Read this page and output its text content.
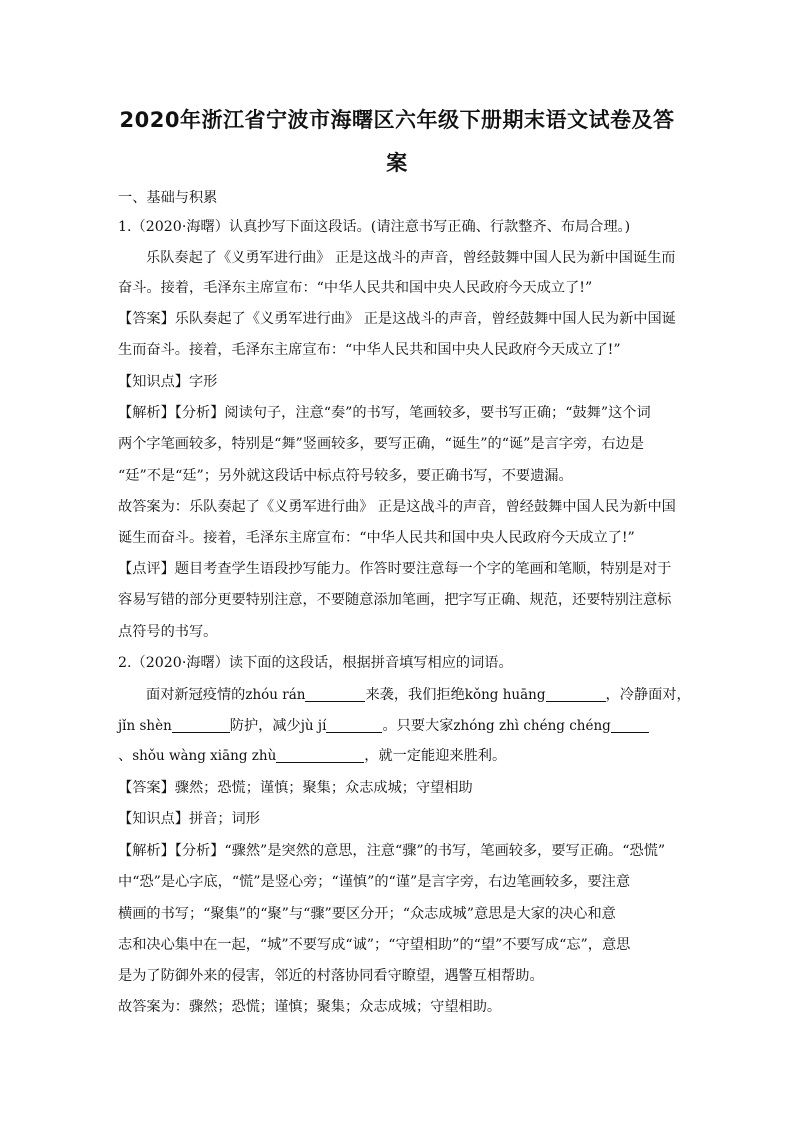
2020年浙江省宁波市海曙区六年级下册期末语文试卷及答
案
一、基础与积累
1.（2020·海曙）认真抄写下面这段话。(请注意书写正确、行款整齐、布局合理。)
乐队奏起了《义勇军进行曲》 正是这战斗的声音，曾经鼓舞中国人民为新中国诞生而
奋斗。接着，毛泽东主席宣布：“中华人民共和国中央人民政府今天成立了!”
【答案】乐队奏起了《义勇军进行曲》 正是这战斗的声音，曾经鼓舞中国人民为新中国诞
生而奋斗。接着，毛泽东主席宣布：“中华人民共和国中央人民政府今天成立了!”
【知识点】字形
【解析】【分析】阅读句子，注意“奏”的书写，笔画较多，要书写正确；“鼓舞”这个词
两个字笔画较多，特别是“舞”竖画较多，要写正确，“诞生”的“诞”是言字旁，右边是
“廷”不是“廷”；另外就这段话中标点符号较多，要正确书写，不要遗漏。
故答案为：乐队奏起了《义勇军进行曲》 正是这战斗的声音，曾经鼓舞中国人民为新中国
诞生而奋斗。接着，毛泽东主席宣布：“中华人民共和国中央人民政府今天成立了!”
【点评】题目考查学生语段抄写能力。作答时要注意每一个字的笔画和笔顺，特别是对于
容易写错的部分更要特别注意，不要随意添加笔画，把字写正确、规范，还要特别注意标
点符号的书写。
2.（2020·海曙）读下面的这段话，根据拼音填写相应的词语。
面对新冠疫情的zhóu rán	来袭，我们拒绝kǒng huāng	，冷静面对，
jǐn shèn	防护，减少jù jí	。只要大家zhóng zhì chéng chéng
、shǒu wàng xiāng zhù	，就一定能迎来胜利。
【答案】骤然；恐慌；谨慎；聚集；众志成城；守望相助
【知识点】拼音；词形
【解析】【分析】“骤然”是突然的意思，注意“骤”的书写，笔画较多，要写正确。“恐慌”
中“恐”是心字底，“慌”是竖心旁；“谨慎”的“谨”是言字旁，右边笔画较多，要注意
横画的书写；“聚集”的“聚”与“骤”要区分开；“众志成城”意思是大家的决心和意
志和决心集中在一起，“城”不要写成“诚”；“守望相助”的“望”不要写成“忘”，意思
是为了防御外来的侵害，邻近的村落协同看守瞭望，遇警互相帮助。
故答案为：骤然；恐慌；谨慎；聚集；众志成城；守望相助。
